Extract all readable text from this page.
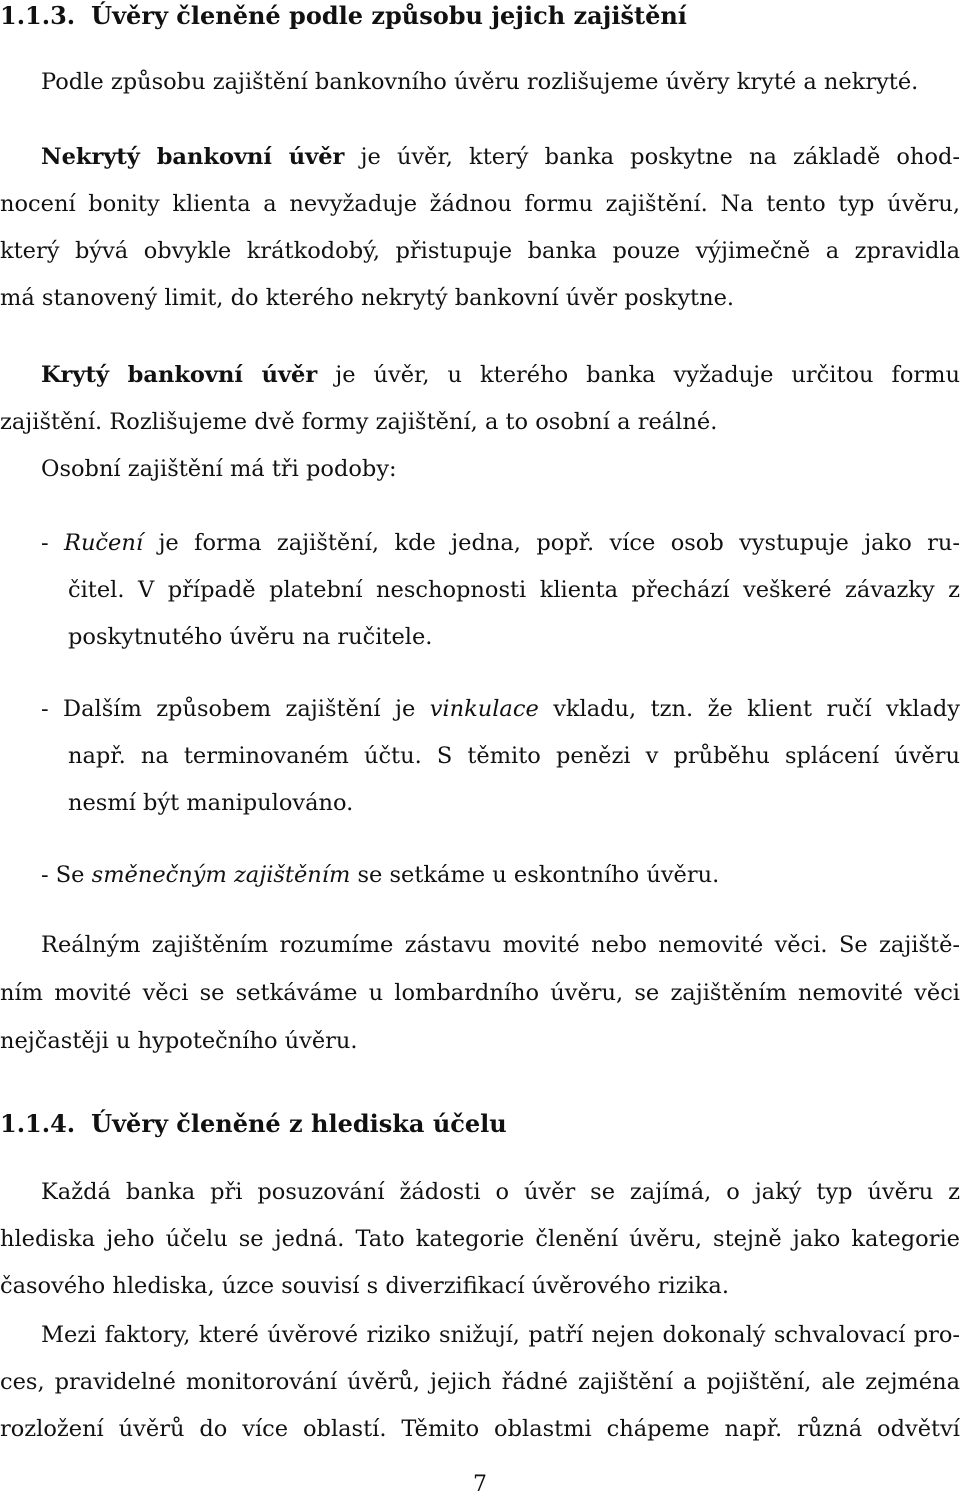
1.1.3. Úvěry členěné podle způsobu jejich zajištění

Podle způsobu zajištění bankovního úvěru rozlišujeme úvěry kryté a nekryté.

Nekrytý bankovní úvěr je úvěr, který banka poskytne na základě ohod-

nocení bonity klienta a nevyžaduje žádnou formu zajištění. Na tento typ úvěru,

který bývá obvykle krátkodobý, přistupuje banka pouze výjimečně a zpravidla

má stanovený limit, do kterého nekrytý bankovní úvěr poskytne.

Krytý bankovní úvěr je úvěr, u kterého banka vyžaduje určitou formu

zajištění. Rozlišujeme dvě formy zajištění, a to osobní a reálné.

Osobní zajištění má tři podoby:

- Ručení je forma zajištění, kde jedna, popř. více osob vystupuje jako ru-

čitel. V případě platební neschopnosti klienta přechází veškeré závazky z

poskytnutého úvěru na ručitele.

- Dalším způsobem zajištění je vinkulace vkladu, tzn. že klient ručí vklady

např. na terminovaném účtu. S těmito penězi v průběhu splácení úvěru

nesmí být manipulováno.

- Se směnečným zajištěním se setkáme u eskontního úvěru.

Reálným zajištěním rozumíme zástavu movité nebo nemovité věci. Se zajiště-

ním movité věci se setkáváme u lombardního úvěru, se zajištěním nemovité věci

nejčastěji u hypotečního úvěru.

1.1.4. Úvěry členěné z hlediska účelu

Každá banka při posuzování žádosti o úvěr se zajímá, o jaký typ úvěru z

hlediska jeho účelu se jedná. Tato kategorie členění úvěru, stejně jako kategorie

časového hlediska, úzce souvisí s diverzifikací úvěrového rizika.

Mezi faktory, které úvěrové riziko snižují, patří nejen dokonalý schvalovací pro-

ces, pravidelné monitorování úvěrů, jejich řádné zajištění a pojištění, ale zejména

rozložení úvěrů do více oblastí. Těmito oblastmi chápeme např. různá odvětví

7
